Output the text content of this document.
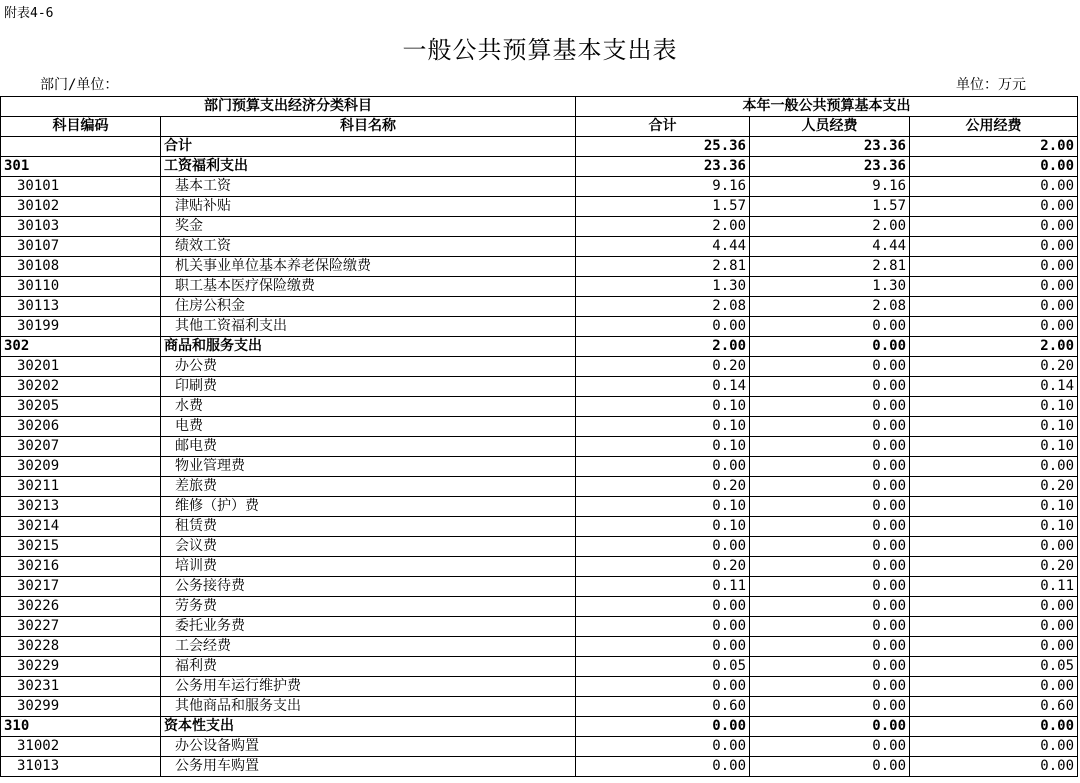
附表4-6
一般公共预算基本支出表
部门/单位：	单位：万元
部门预算支出经济分类科目		本年一般公共预算基本支出		
科目编码	科目名称	合计	人员经费	公用经费
	合计	25.36	23.36	2.00
301	工资福利支出	23.36	23.36	0.00
30101	基本工资	9.16	9.16	0.00
30102	津贴补贴	1.57	1.57	0.00
30103	奖金	2.00	2.00	0.00
30107	绩效工资	4.44	4.44	0.00
30108	机关事业单位基本养老保险缴费	2.81	2.81	0.00
30110	职工基本医疗保险缴费	1.30	1.30	0.00
30113	住房公积金	2.08	2.08	0.00
30199	其他工资福利支出	0.00	0.00	0.00
302	商品和服务支出	2.00	0.00	2.00
30201	办公费	0.20	0.00	0.20
30202	印刷费	0.14	0.00	0.14
30205	水费	0.10	0.00	0.10
30206	电费	0.10	0.00	0.10
30207	邮电费	0.10	0.00	0.10
30209	物业管理费	0.00	0.00	0.00
30211	差旅费	0.20	0.00	0.20
30213	维修（护）费	0.10	0.00	0.10
30214	租赁费	0.10	0.00	0.10
30215	会议费	0.00	0.00	0.00
30216	培训费	0.20	0.00	0.20
30217	公务接待费	0.11	0.00	0.11
30226	劳务费	0.00	0.00	0.00
30227	委托业务费	0.00	0.00	0.00
30228	工会经费	0.00	0.00	0.00
30229	福利费	0.05	0.00	0.05
30231	公务用车运行维护费	0.00	0.00	0.00
30299	其他商品和服务支出	0.60	0.00	0.60
310	资本性支出	0.00	0.00	0.00
31002	办公设备购置	0.00	0.00	0.00
31013	公务用车购置	0.00	0.00	0.00
